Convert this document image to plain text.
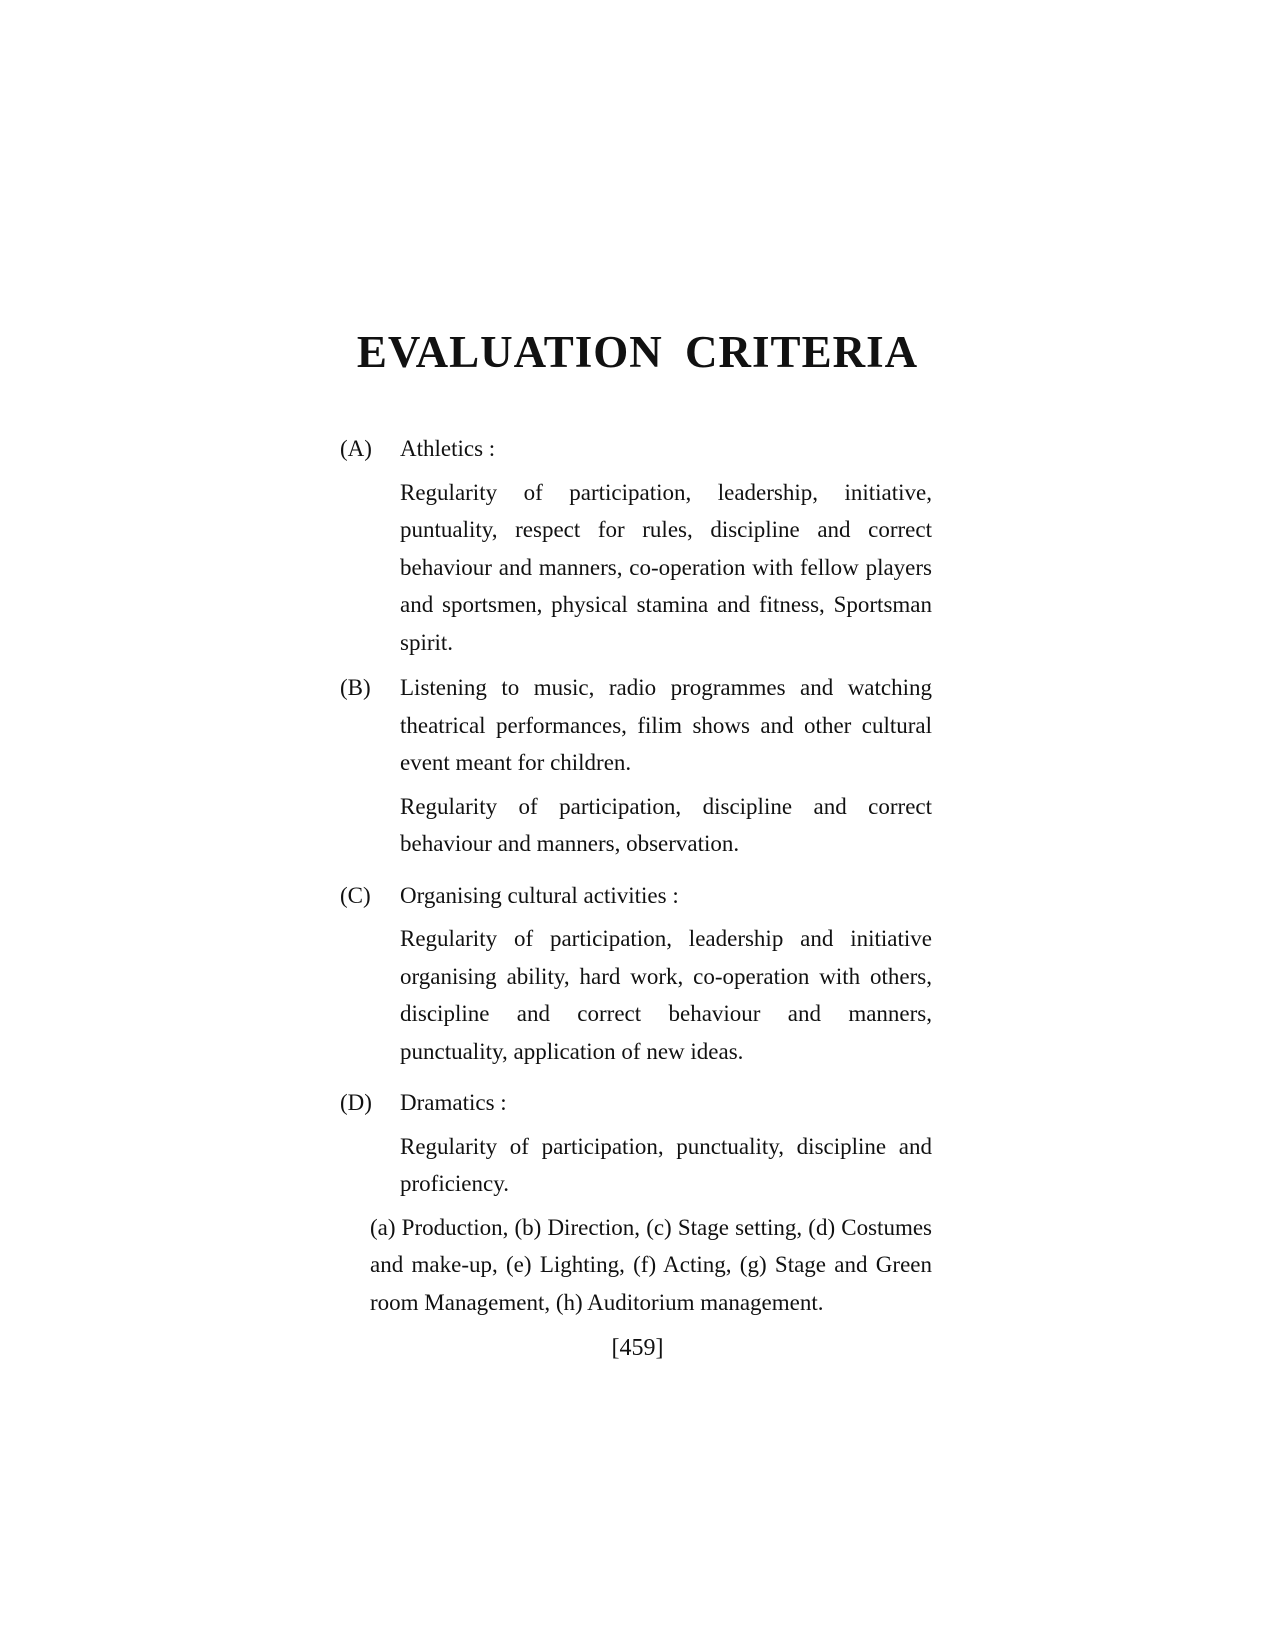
EVALUATION CRITERIA
(A)	Athletics :

Regularity of participation, leadership, initiative, puntuality, respect for rules, discipline and correct behaviour and manners, co-operation with fellow players and sportsmen, physical stamina and fitness, Sportsman spirit.

(B)	Listening to music, radio programmes and watching theatrical performances, filim shows and other cultural event meant for children.

Regularity of participation, discipline and correct behaviour and manners, observation.

(C)	Organising cultural activities :

Regularity of participation, leadership and initiative organising ability, hard work, co-operation with others, discipline and correct behaviour and manners, punctuality, application of new ideas.

(D)	Dramatics :

Regularity of participation, punctuality, discipline and proficiency.

(a) Production, (b) Direction, (c) Stage setting, (d) Costumes and make-up, (e) Lighting, (f) Acting, (g) Stage and Green room Management, (h) Auditorium management.

[459]
